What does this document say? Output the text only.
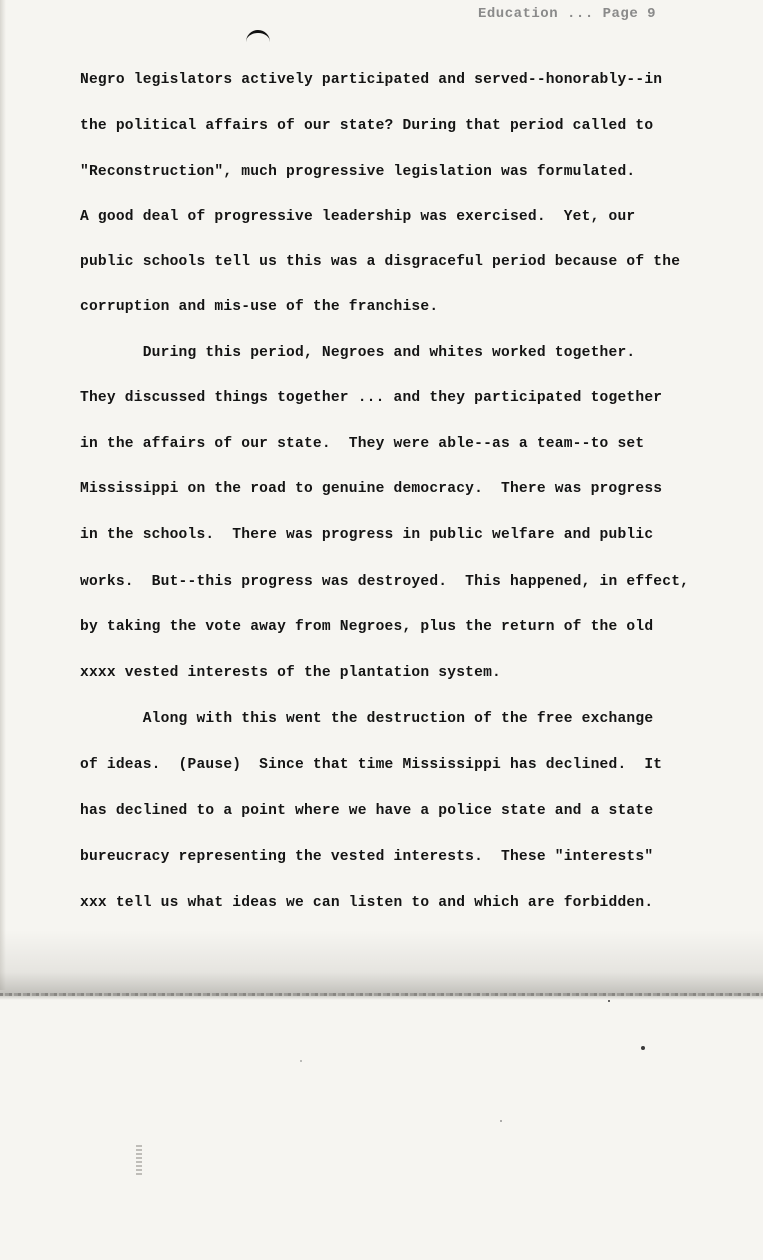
Education ... Page 9
Negro legislators actively participated and served--honorably--in
the political affairs of our state? During that period called to
"Reconstruction", much progressive legislation was formulated.
A good deal of progressive leadership was exercised.  Yet, our
public schools tell us this was a disgraceful period because of the
corruption and mis-use of the franchise.
During this period, Negroes and whites worked together.
They discussed things together ... and they participated together
in the affairs of our state.  They were able--as a team--to set
Mississippi on the road to genuine democracy.  There was progress
in the schools.  There was progress in public welfare and public
works.  But--this progress was destroyed.  This happened, in effect,
by taking the vote away from Negroes, plus the return of the old
xxxx vested interests of the plantation system.
Along with this went the destruction of the free exchange
of ideas.  (Pause)  Since that time Mississippi has declined.  It
has declined to a point where we have a police state and a state
bureucracy representing the vested interests.  These "interests"
xxx tell us what ideas we can listen to and which are forbidden.
